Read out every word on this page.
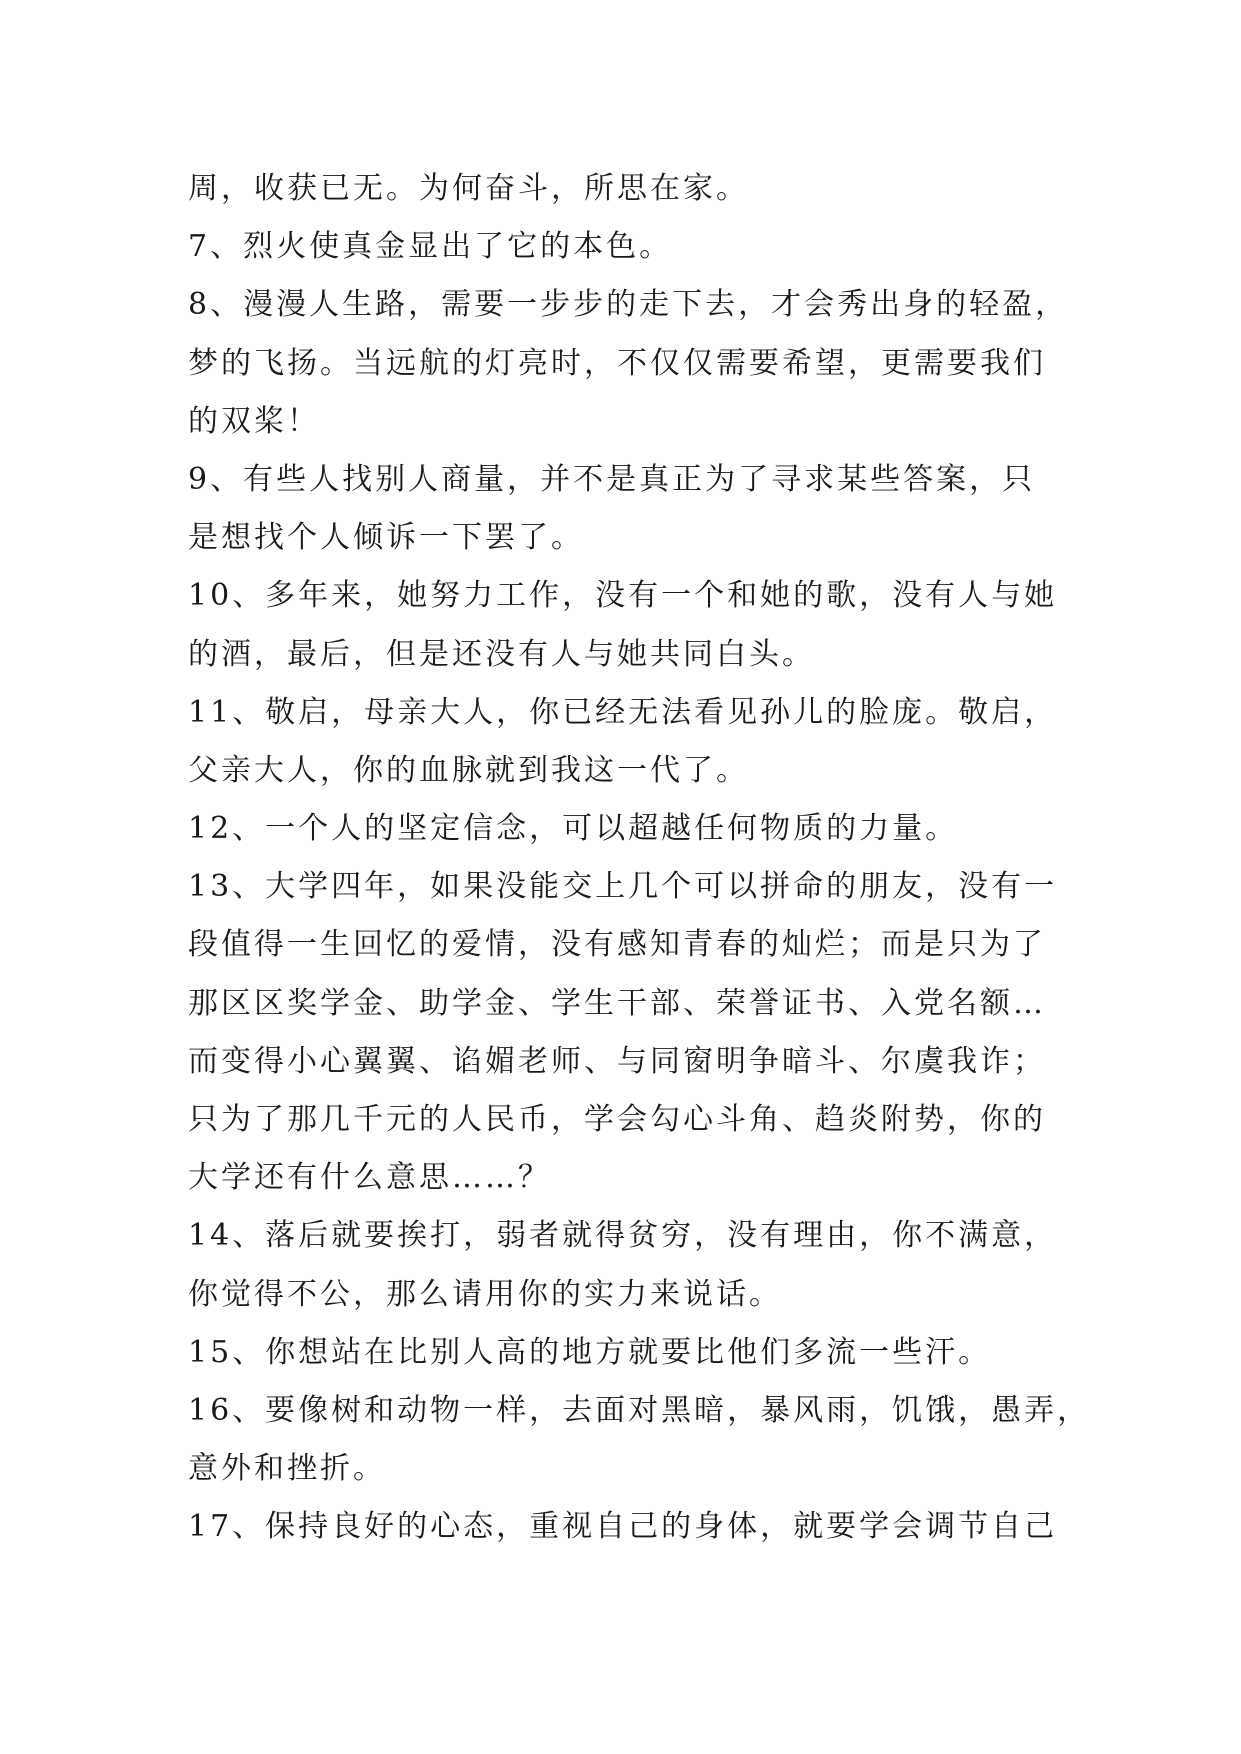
周，收获已无。为何奋斗，所思在家。
7、烈火使真金显出了它的本色。
8、漫漫人生路，需要一步步的走下去，才会秀出身的轻盈，
梦的飞扬。当远航的灯亮时，不仅仅需要希望，更需要我们
的双桨！
9、有些人找别人商量，并不是真正为了寻求某些答案，只
是想找个人倾诉一下罢了。
10、多年来，她努力工作，没有一个和她的歌，没有人与她
的酒，最后，但是还没有人与她共同白头。
11、敬启，母亲大人，你已经无法看见孙儿的脸庞。敬启，
父亲大人，你的血脉就到我这一代了。
12、一个人的坚定信念，可以超越任何物质的力量。
13、大学四年，如果没能交上几个可以拼命的朋友，没有一
段值得一生回忆的爱情，没有感知青春的灿烂；而是只为了
那区区奖学金、助学金、学生干部、荣誉证书、入党名额…
而变得小心翼翼、谄媚老师、与同窗明争暗斗、尔虞我诈；
只为了那几千元的人民币，学会勾心斗角、趋炎附势，你的
大学还有什么意思……？
14、落后就要挨打，弱者就得贫穷，没有理由，你不满意，
你觉得不公，那么请用你的实力来说话。
15、你想站在比别人高的地方就要比他们多流一些汗。
16、要像树和动物一样，去面对黑暗，暴风雨，饥饿，愚弄，
意外和挫折。
17、保持良好的心态，重视自己的身体，就要学会调节自己
